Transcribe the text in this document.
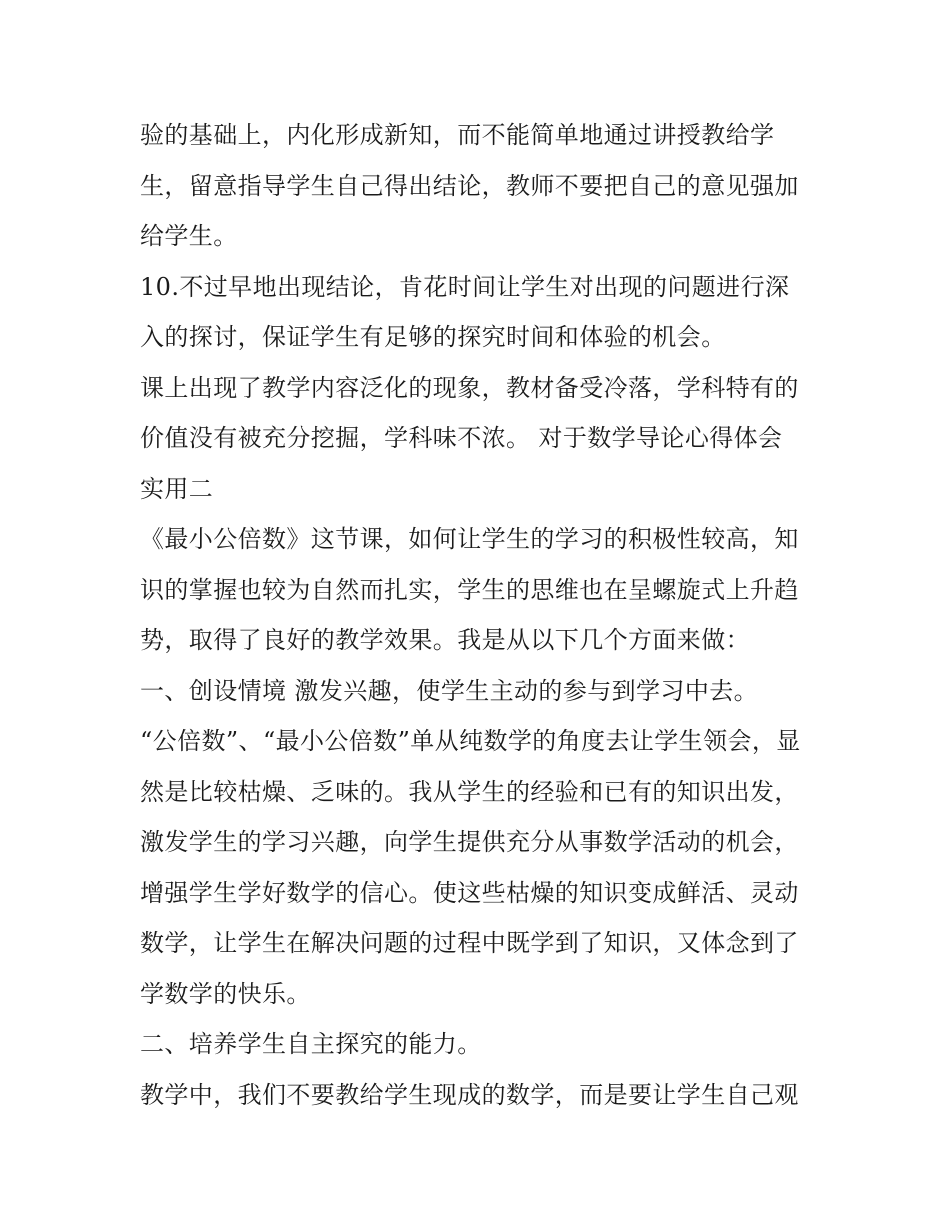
验的基础上，内化形成新知，而不能简单地通过讲授教给学
生，留意指导学生自己得出结论，教师不要把自己的意见强加
给学生。
10.不过早地出现结论，肯花时间让学生对出现的问题进行深
入的探讨，保证学生有足够的探究时间和体验的机会。
课上出现了教学内容泛化的现象，教材备受冷落，学科特有的
价值没有被充分挖掘，学科味不浓。 对于数学导论心得体会
实用二
《最小公倍数》这节课，如何让学生的学习的积极性较高，知
识的掌握也较为自然而扎实，学生的思维也在呈螺旋式上升趋
势，取得了良好的教学效果。我是从以下几个方面来做：
一、创设情境 激发兴趣，使学生主动的参与到学习中去。
“公倍数”、“最小公倍数”单从纯数学的角度去让学生领会，显
然是比较枯燥、乏味的。我从学生的经验和已有的知识出发，
激发学生的学习兴趣，向学生提供充分从事数学活动的机会，
增强学生学好数学的信心。使这些枯燥的知识变成鲜活、灵动
数学，让学生在解决问题的过程中既学到了知识，又体念到了
学数学的快乐。
二、培养学生自主探究的能力。
教学中，我们不要教给学生现成的数学，而是要让学生自己观
